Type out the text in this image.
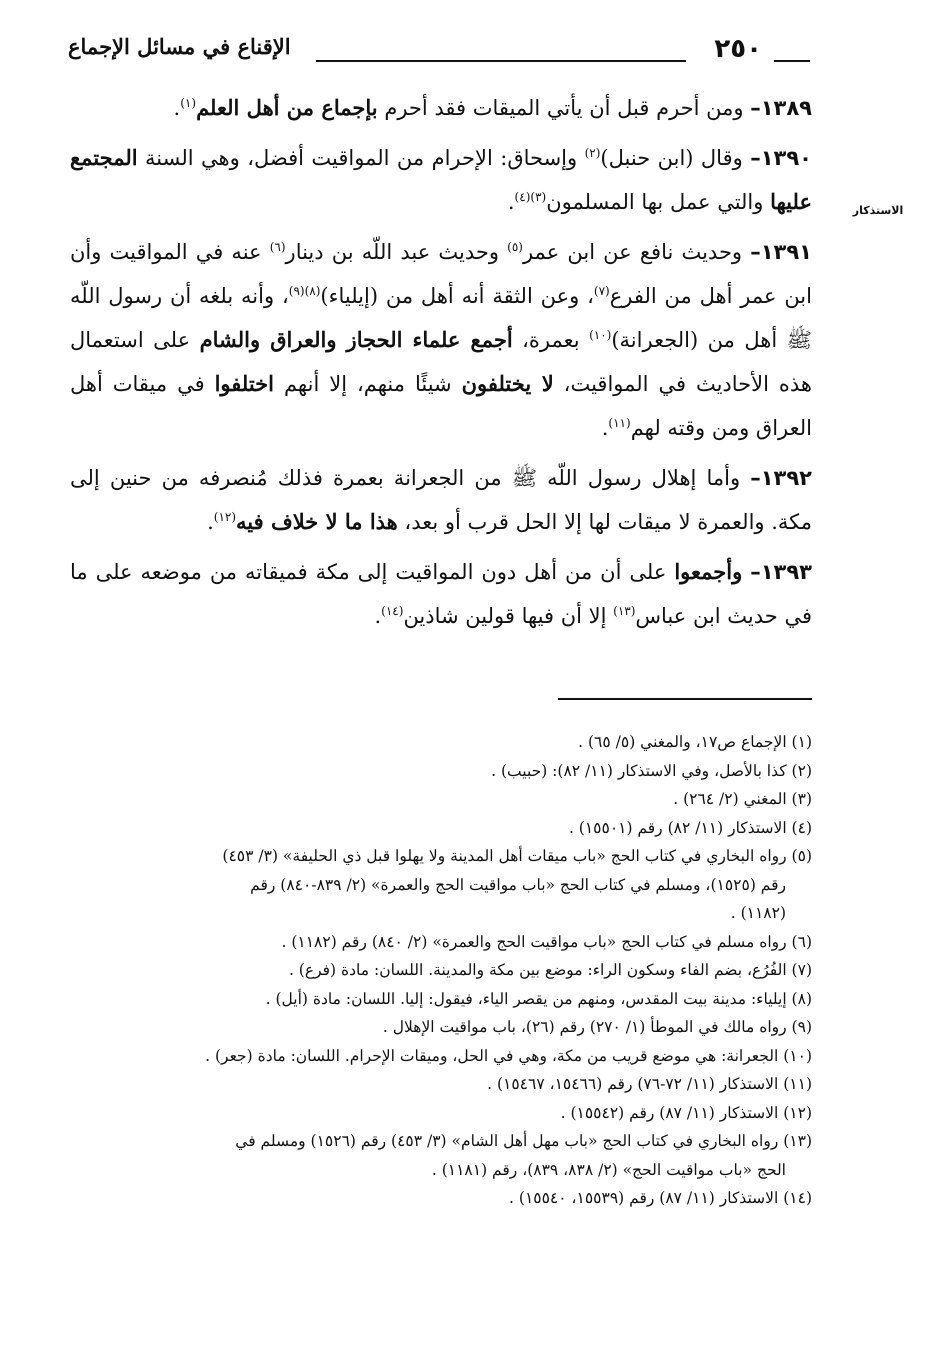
٢٥٠
الإقناع في مسائل الإجماع
الاستذكار

١٣٨٩– ومن أحرم قبل أن يأتي الميقات فقد أحرم بإجماع من أهل العلم$^{(١)}$.

١٣٩٠– وقال (ابن حنبل)$^{(٢)}$ وإسحاق: الإحرام من المواقيت أفضل، وهي السنة المجتمع عليها والتي عمل بها المسلمون$^{(٣)(٤)}$.

١٣٩١– وحديث نافع عن ابن عمر$^{(٥)}$ وحديث عبد اللّه بن دينار$^{(٦)}$ عنه في المواقيت وأن ابن عمر أهل من الفرع$^{(٧)}$، وعن الثقة أنه أهل من (إيلياء)$^{(٨)(٩)}$، وأنه بلغه أن رسول اللّه ﷺ أهل من (الجعرانة)$^{(١٠)}$ بعمرة، أجمع علماء الحجاز والعراق والشام على استعمال هذه الأحاديث في المواقيت، لا يختلفون شيئًا منهم، إلا أنهم اختلفوا في ميقات أهل العراق ومن وقته لهم$^{(١١)}$.

١٣٩٢– وأما إهلال رسول اللّه ﷺ من الجعرانة بعمرة فذلك مُنصرفه من حنين إلى مكة. والعمرة لا ميقات لها إلا الحل قرب أو بعد، هذا ما لا خلاف فيه$^{(١٢)}$.

١٣٩٣– وأجمعوا على أن من أهل دون المواقيت إلى مكة فميقاته من موضعه على ما في حديث ابن عباس$^{(١٣)}$ إلا أن فيها قولين شاذين$^{(١٤)}$.

(١) الإجماع ص١٧، والمغني (٥/ ٦٥) .
(٢) كذا بالأصل، وفي الاستذكار (١١/ ٨٢): (حبيب) .
(٣) المغني (٢/ ٢٦٤) .
(٤) الاستذكار (١١/ ٨٢) رقم (١٥٥٠١) .
(٥) رواه البخاري في كتاب الحج «باب ميقات أهل المدينة ولا يهلوا قبل ذي الحليفة» (٣/ ٤٥٣)
رقم (١٥٢٥)، ومسلم في كتاب الحج «باب مواقيت الحج والعمرة» (٢/ ٨٣٩-٨٤٠) رقم
(١١٨٢) .
(٦) رواه مسلم في كتاب الحج «باب مواقيت الحج والعمرة» (٢/ ٨٤٠) رقم (١١٨٢) .
(٧) الفُرُع، بضم الفاء وسكون الراء: موضع بين مكة والمدينة. اللسان: مادة (فرع) .
(٨) إيلياء: مدينة بيت المقدس، ومنهم من يقصر الياء، فيقول: إليا. اللسان: مادة (أيل) .
(٩) رواه مالك في الموطأ (١/ ٢٧٠) رقم (٢٦)، باب مواقيت الإهلال .
(١٠) الجعرانة: هي موضع قريب من مكة، وهي في الحل، وميقات الإحرام. اللسان: مادة (جعر) .
(١١) الاستذكار (١١/ ٧٢-٧٦) رقم (١٥٤٦٦، ١٥٤٦٧) .
(١٢) الاستذكار (١١/ ٨٧) رقم (١٥٥٤٢) .
(١٣) رواه البخاري في كتاب الحج «باب مهل أهل الشام» (٣/ ٤٥٣) رقم (١٥٢٦) ومسلم في
الحج «باب مواقيت الحج» (٢/ ٨٣٨، ٨٣٩)، رقم (١١٨١) .
(١٤) الاستذكار (١١/ ٨٧) رقم (١٥٥٣٩، ١٥٥٤٠) .
